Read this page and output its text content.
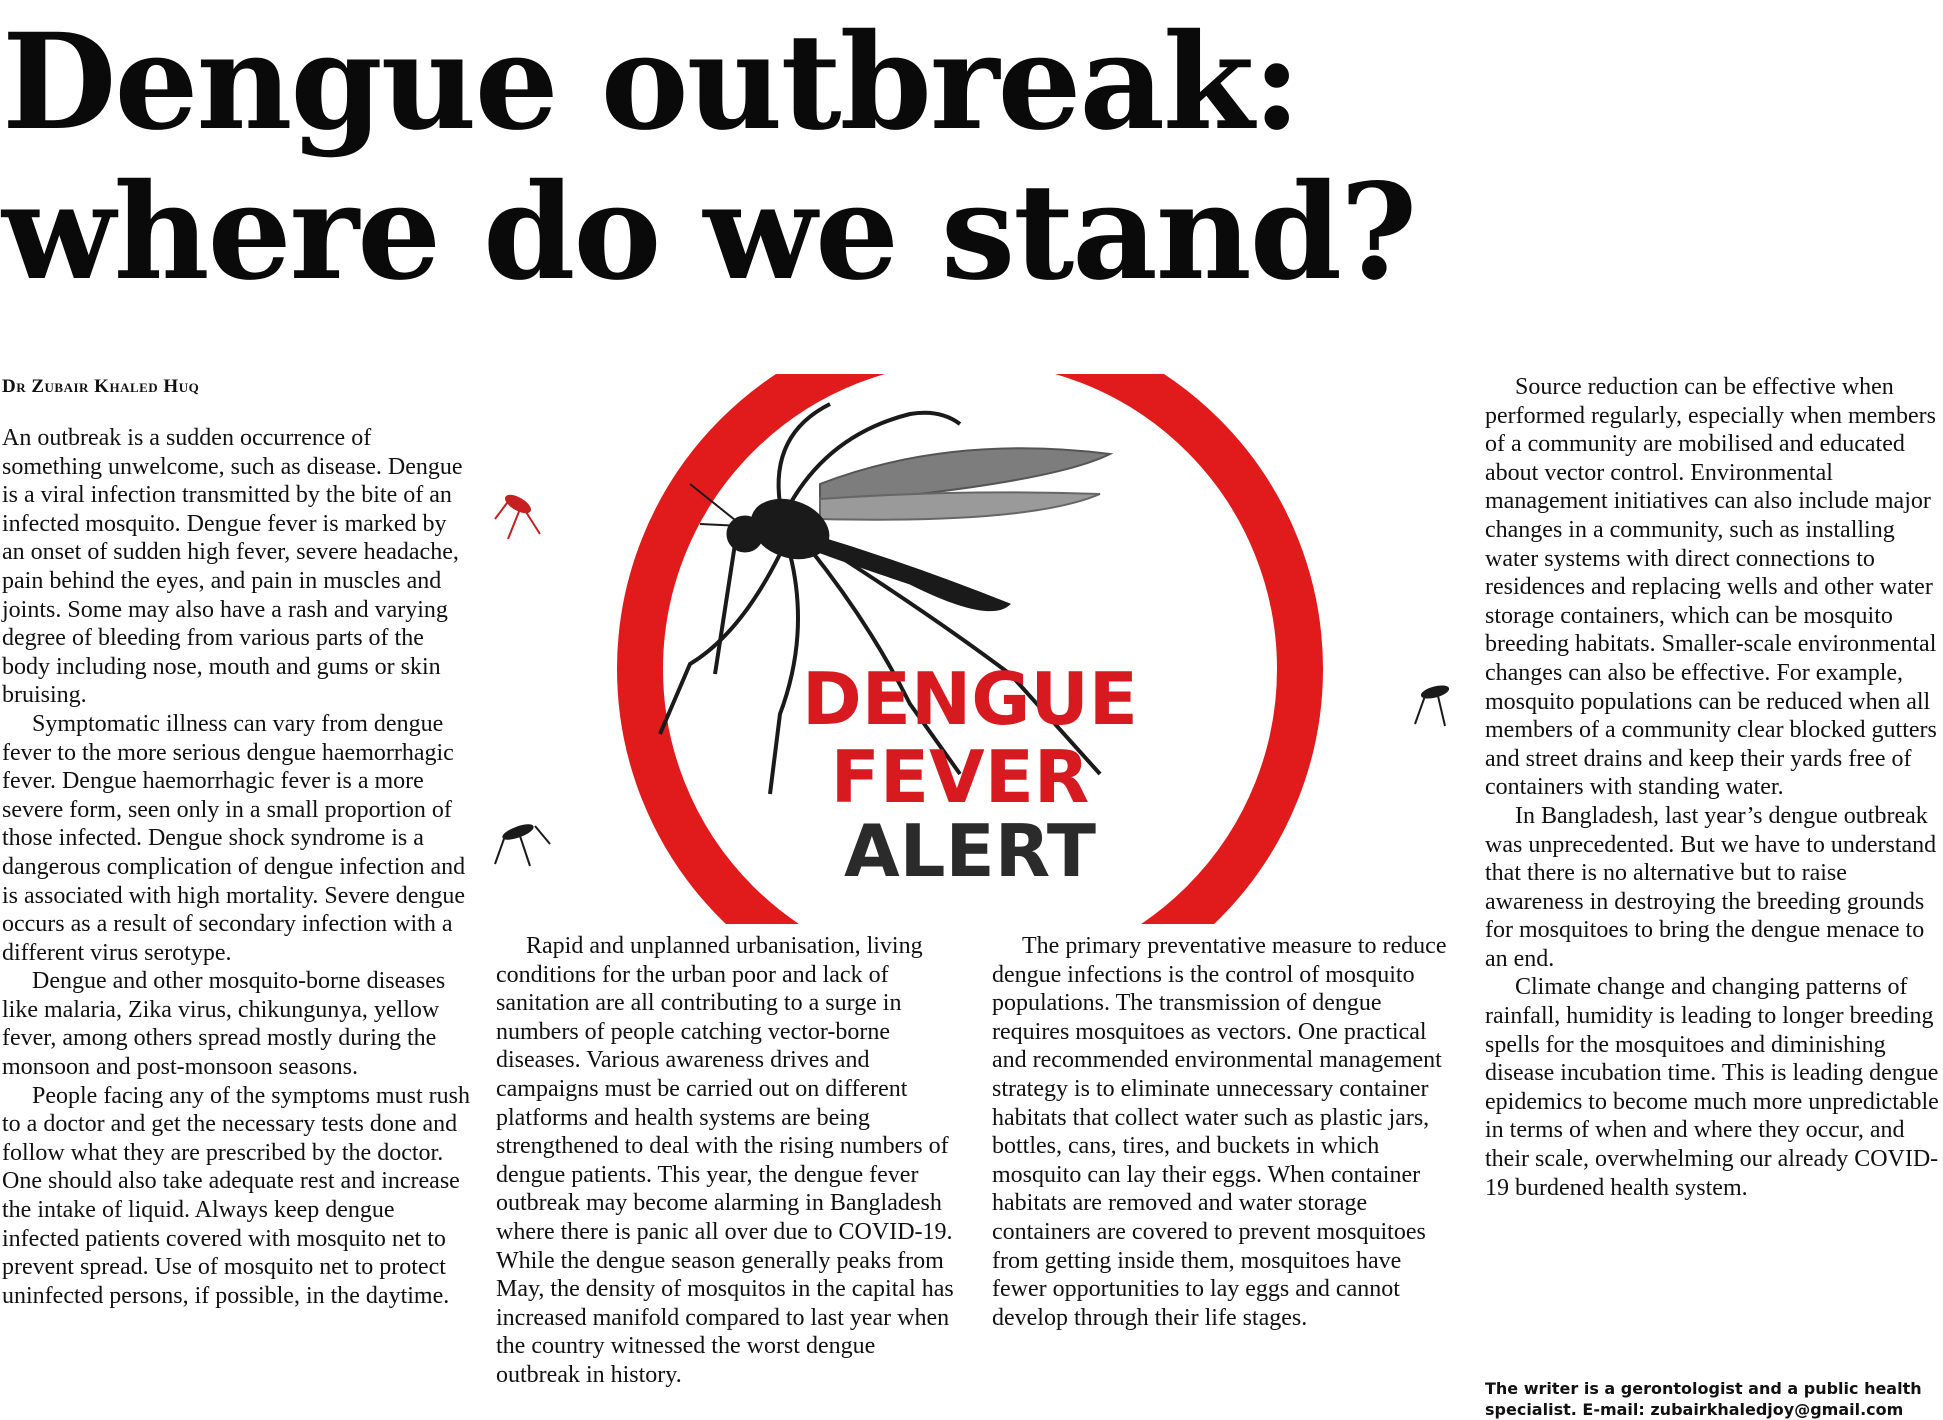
Dengue outbreak:
where do we stand?
Dr Zubair Khaled Huq

An outbreak is a sudden occurrence of something unwelcome, such as disease. Dengue is a viral infection transmitted by the bite of an infected mosquito. Dengue fever is marked by an onset of sudden high fever, severe headache, pain behind the eyes, and pain in muscles and joints. Some may also have a rash and varying degree of bleeding from various parts of the body including nose, mouth and gums or skin bruising.

Symptomatic illness can vary from dengue fever to the more serious dengue haemorrhagic fever. Dengue haemorrhagic fever is a more severe form, seen only in a small proportion of those infected. Dengue shock syndrome is a dangerous complication of dengue infection and is associated with high mortality. Severe dengue occurs as a result of secondary infection with a different virus serotype.

Dengue and other mosquito-borne diseases like malaria, Zika virus, chikungunya, yellow fever, among others spread mostly during the monsoon and post-monsoon seasons.

People facing any of the symptoms must rush to a doctor and get the necessary tests done and follow what they are prescribed by the doctor. One should also take adequate rest and increase the intake of liquid. Always keep dengue infected patients covered with mosquito net to prevent spread. Use of mosquito net to protect uninfected persons, if possible, in the daytime.

DENGUE
FEVER
ALERT

Rapid and unplanned urbanisation, living conditions for the urban poor and lack of sanitation are all contributing to a surge in numbers of people catching vector-borne diseases. Various awareness drives and campaigns must be carried out on different platforms and health systems are being strengthened to deal with the rising numbers of dengue patients. This year, the dengue fever outbreak may become alarming in Bangladesh where there is panic all over due to COVID-19. While the dengue season generally peaks from May, the density of mosquitos in the capital has increased manifold compared to last year when the country witnessed the worst dengue outbreak in history.

The primary preventative measure to reduce dengue infections is the control of mosquito populations. The transmission of dengue requires mosquitoes as vectors. One practical and recommended environmental management strategy is to eliminate unnecessary container habitats that collect water such as plastic jars, bottles, cans, tires, and buckets in which mosquito can lay their eggs. When container habitats are removed and water storage containers are covered to prevent mosquitoes from getting inside them, mosquitoes have fewer opportunities to lay eggs and cannot develop through their life stages.

Source reduction can be effective when performed regularly, especially when members of a community are mobilised and educated about vector control. Environmental management initiatives can also include major changes in a community, such as installing water systems with direct connections to residences and replacing wells and other water storage containers, which can be mosquito breeding habitats. Smaller-scale environmental changes can also be effective. For example, mosquito populations can be reduced when all members of a community clear blocked gutters and street drains and keep their yards free of containers with standing water.

In Bangladesh, last year’s dengue outbreak was unprecedented. But we have to understand that there is no alternative but to raise awareness in destroying the breeding grounds for mosquitoes to bring the dengue menace to an end.

Climate change and changing patterns of rainfall, humidity is leading to longer breeding spells for the mosquitoes and diminishing disease incubation time. This is leading dengue epidemics to become much more unpredictable in terms of when and where they occur, and their scale, overwhelming our already COVID-19 burdened health system.

The writer is a gerontologist and a public health specialist. E-mail: zubairkhaledjoy@gmail.com
